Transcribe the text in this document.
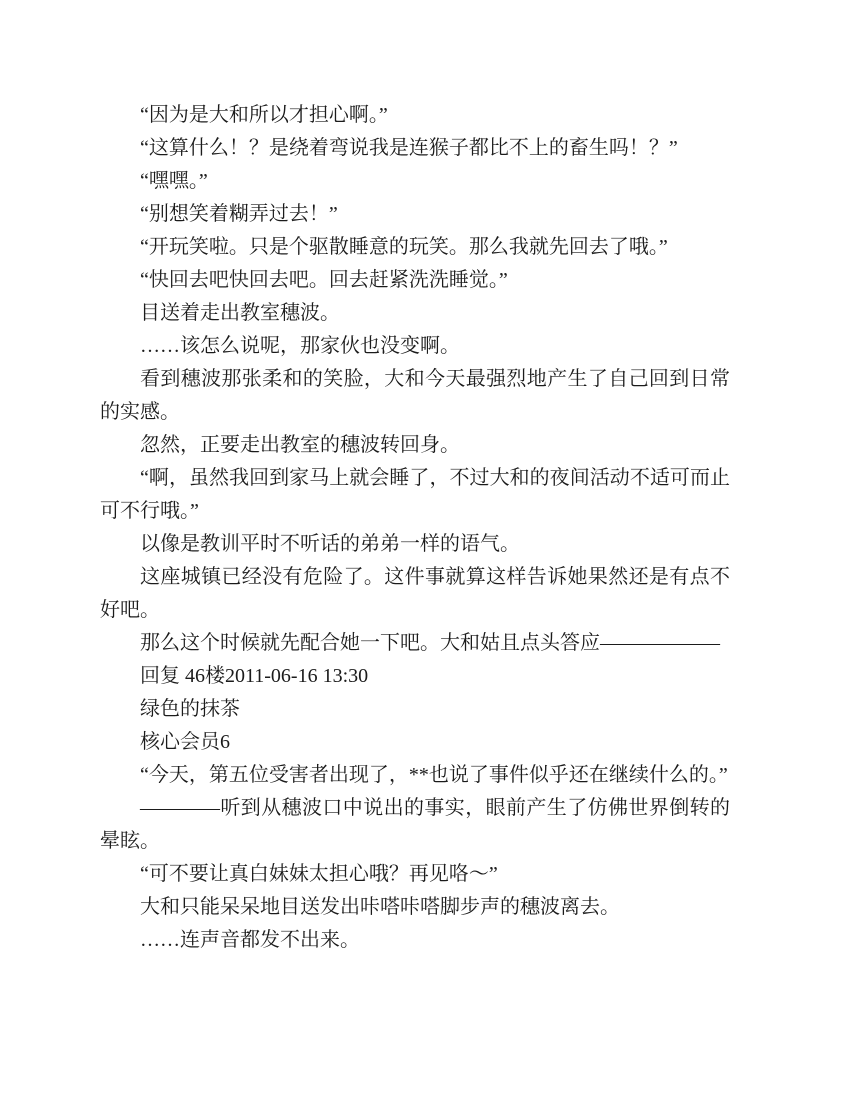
“因为是大和所以才担心啊。”

“这算什么！？是绕着弯说我是连猴子都比不上的畜生吗！？”

“嘿嘿。”

“别想笑着糊弄过去！”

“开玩笑啦。只是个驱散睡意的玩笑。那么我就先回去了哦。”

“快回去吧快回去吧。回去赶紧洗洗睡觉。”

目送着走出教室穗波。

……该怎么说呢，那家伙也没变啊。

看到穗波那张柔和的笑脸，大和今天最强烈地产生了自己回到日常的实感。

忽然，正要走出教室的穗波转回身。

“啊，虽然我回到家马上就会睡了，不过大和的夜间活动不适可而止可不行哦。”

以像是教训平时不听话的弟弟一样的语气。

这座城镇已经没有危险了。这件事就算这样告诉她果然还是有点不好吧。

那么这个时候就先配合她一下吧。大和姑且点头答应——————

回复 46楼2011-06-16 13:30

绿色的抹茶

核心会员6

“今天，第五位受害者出现了，**也说了事件似乎还在继续什么的。”

————听到从穗波口中说出的事实，眼前产生了仿佛世界倒转的晕眩。

“可不要让真白妹妹太担心哦？再见咯～”

大和只能呆呆地目送发出咔嗒咔嗒脚步声的穗波离去。

……连声音都发不出来。
